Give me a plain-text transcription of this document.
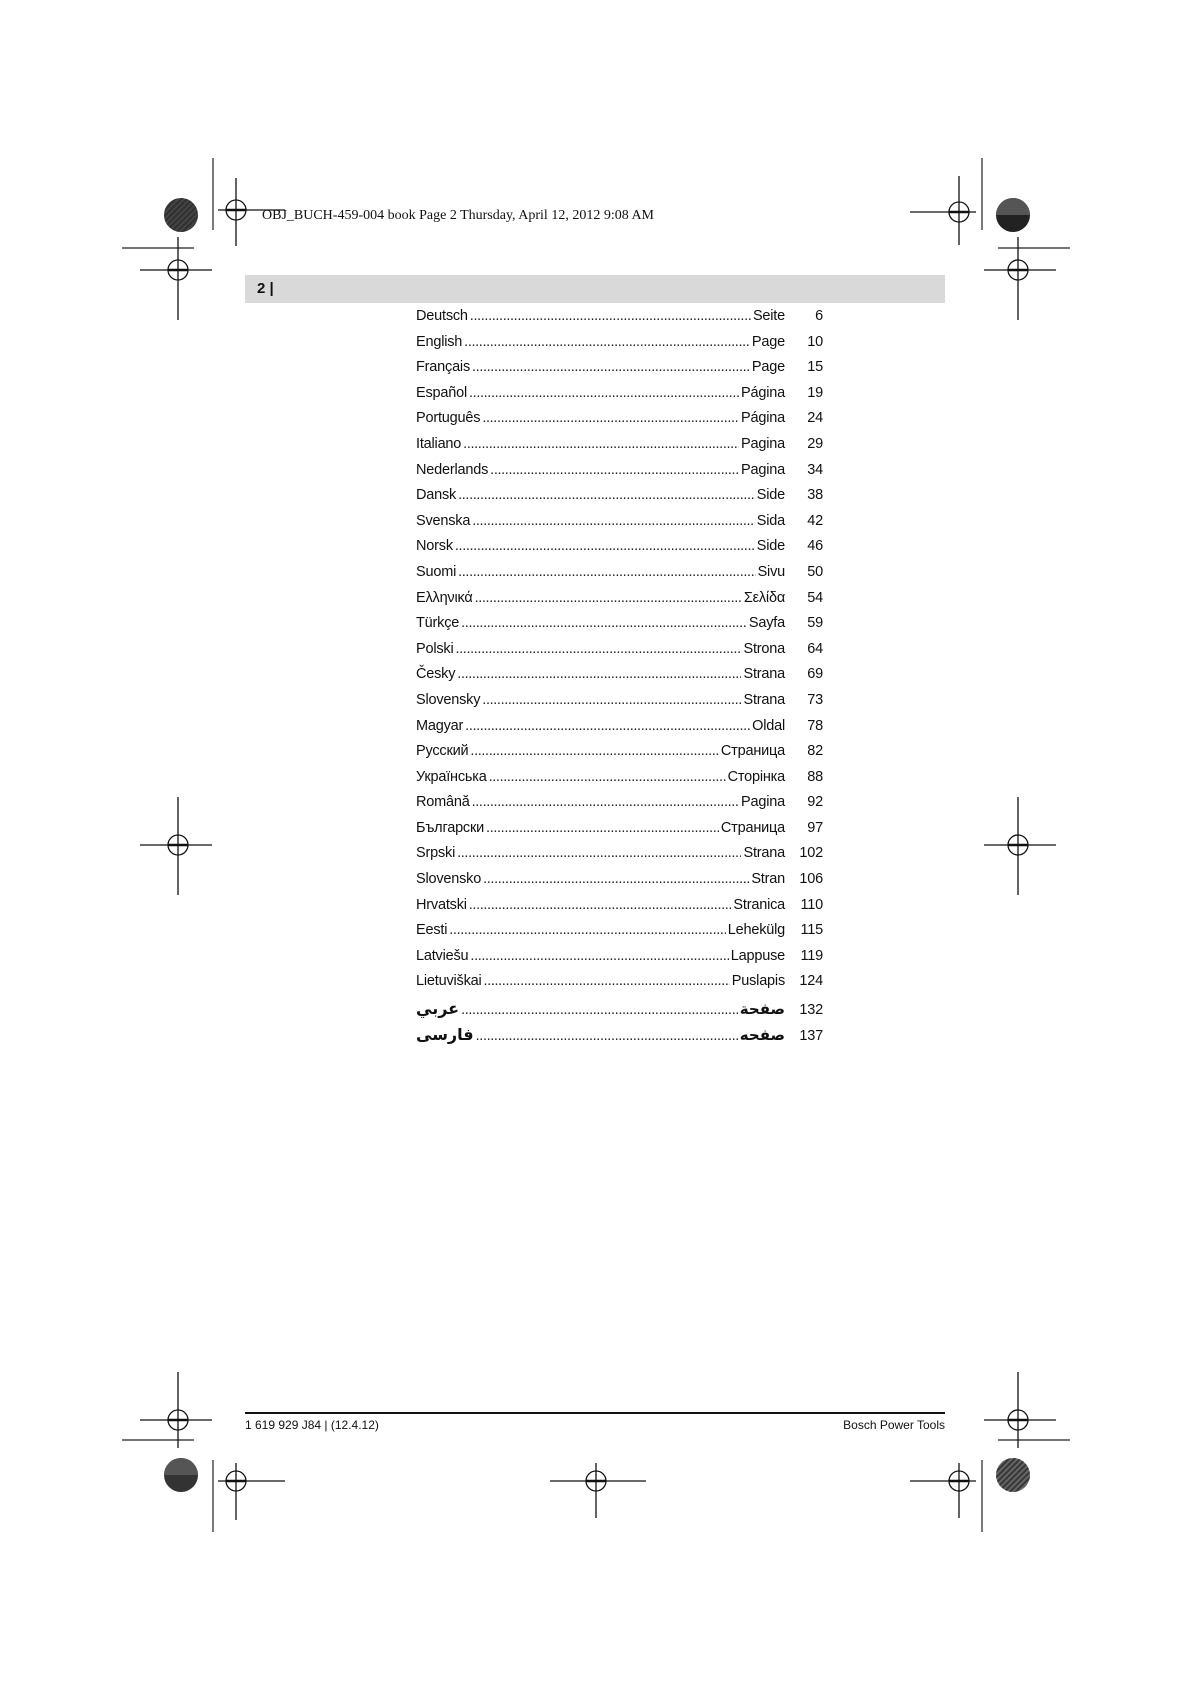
OBJ_BUCH-459-004 book Page 2 Thursday, April 12, 2012 9:08 AM
2 |
Deutsch . . .	Seite	6
English . . .	Page	10
Français . . .	Page	15
Español . . .	Página	19
Português . . .	Página	24
Italiano . . .	Pagina	29
Nederlands . . .	Pagina	34
Dansk . . .	Side	38
Svenska . . .	Sida	42
Norsk . . .	Side	46
Suomi . . .	Sivu	50
Ελληνικά . . .	Σελίδα	54
Türkçe . . .	Sayfa	59
Polski . . .	Strona	64
Česky . . .	Strana	69
Slovensky . . .	Strana	73
Magyar . . .	Oldal	78
Русский . . .	Страница	82
Українська . . .	Сторінка	88
Română . . .	Pagina	92
Български . . .	Страница	97
Srpski . . .	Strana 102
Slovensko . . .	Stran 106
Hrvatski . . .	Stranica	110
Eesti . . .	Lehekülg	115
Latviešu . . .	Lappuse	119
Lietuviškai . . .	Puslapis 124
عربي . . .	صفحة 132
فارسی . . .	صفحه 137
1 619 929 J84 | (12.4.12)	Bosch Power Tools
